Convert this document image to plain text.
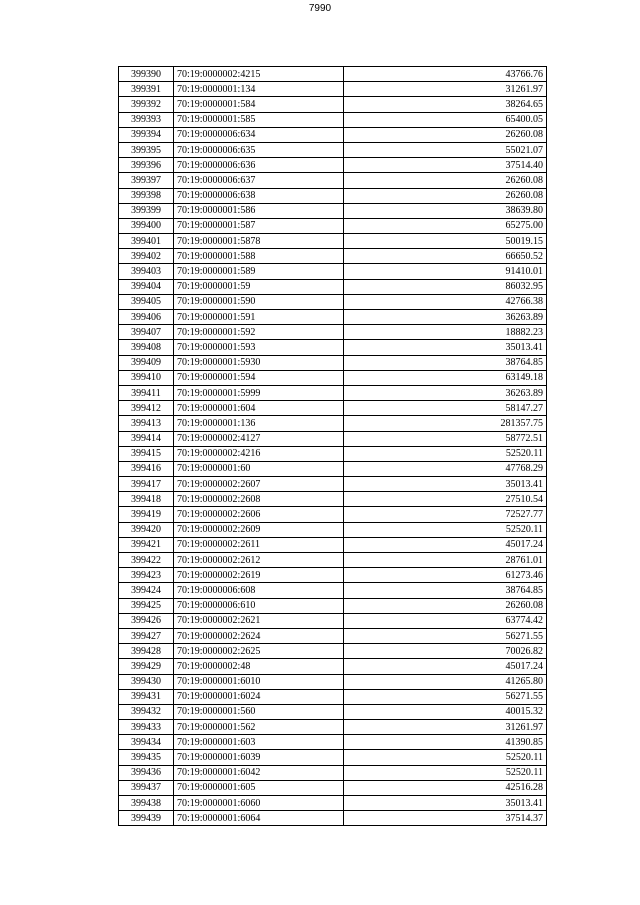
7990
399390	70:19:0000002:4215	43766.76
399391	70:19:0000001:134	31261.97
399392	70:19:0000001:584	38264.65
399393	70:19:0000001:585	65400.05
399394	70:19:0000006:634	26260.08
399395	70:19:0000006:635	55021.07
399396	70:19:0000006:636	37514.40
399397	70:19:0000006:637	26260.08
399398	70:19:0000006:638	26260.08
399399	70:19:0000001:586	38639.80
399400	70:19:0000001:587	65275.00
399401	70:19:0000001:5878	50019.15
399402	70:19:0000001:588	66650.52
399403	70:19:0000001:589	91410.01
399404	70:19:0000001:59	86032.95
399405	70:19:0000001:590	42766.38
399406	70:19:0000001:591	36263.89
399407	70:19:0000001:592	18882.23
399408	70:19:0000001:593	35013.41
399409	70:19:0000001:5930	38764.85
399410	70:19:0000001:594	63149.18
399411	70:19:0000001:5999	36263.89
399412	70:19:0000001:604	58147.27
399413	70:19:0000001:136	281357.75
399414	70:19:0000002:4127	58772.51
399415	70:19:0000002:4216	52520.11
399416	70:19:0000001:60	47768.29
399417	70:19:0000002:2607	35013.41
399418	70:19:0000002:2608	27510.54
399419	70:19:0000002:2606	72527.77
399420	70:19:0000002:2609	52520.11
399421	70:19:0000002:2611	45017.24
399422	70:19:0000002:2612	28761.01
399423	70:19:0000002:2619	61273.46
399424	70:19:0000006:608	38764.85
399425	70:19:0000006:610	26260.08
399426	70:19:0000002:2621	63774.42
399427	70:19:0000002:2624	56271.55
399428	70:19:0000002:2625	70026.82
399429	70:19:0000002:48	45017.24
399430	70:19:0000001:6010	41265.80
399431	70:19:0000001:6024	56271.55
399432	70:19:0000001:560	40015.32
399433	70:19:0000001:562	31261.97
399434	70:19:0000001:603	41390.85
399435	70:19:0000001:6039	52520.11
399436	70:19:0000001:6042	52520.11
399437	70:19:0000001:605	42516.28
399438	70:19:0000001:6060	35013.41
399439	70:19:0000001:6064	37514.37
